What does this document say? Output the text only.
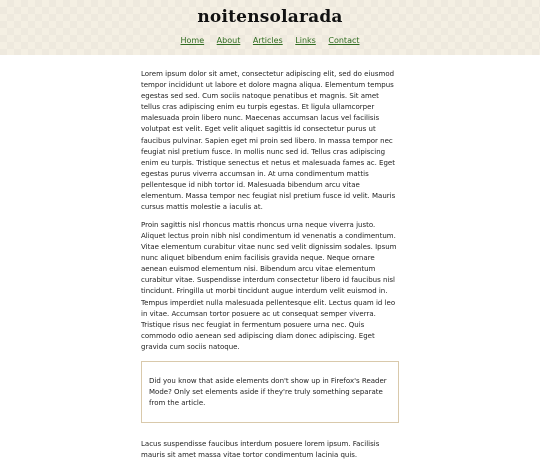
noitensolarada
Home About Articles Links Contact

Lorem ipsum dolor sit amet, consectetur adipiscing elit, sed do eiusmod tempor incididunt ut labore et dolore magna aliqua. Elementum tempus egestas sed sed. Cum sociis natoque penatibus et magnis. Sit amet tellus cras adipiscing enim eu turpis egestas. Et ligula ullamcorper malesuada proin libero nunc. Maecenas accumsan lacus vel facilisis volutpat est velit. Eget velit aliquet sagittis id consectetur purus ut faucibus pulvinar. Sapien eget mi proin sed libero. In massa tempor nec feugiat nisl pretium fusce. In mollis nunc sed id. Tellus cras adipiscing enim eu turpis. Tristique senectus et netus et malesuada fames ac. Eget egestas purus viverra accumsan in. At urna condimentum mattis pellentesque id nibh tortor id. Malesuada bibendum arcu vitae elementum. Massa tempor nec feugiat nisl pretium fusce id velit. Mauris cursus mattis molestie a iaculis at.

Proin sagittis nisl rhoncus mattis rhoncus urna neque viverra justo. Aliquet lectus proin nibh nisl condimentum id venenatis a condimentum. Vitae elementum curabitur vitae nunc sed velit dignissim sodales. Ipsum nunc aliquet bibendum enim facilisis gravida neque. Neque ornare aenean euismod elementum nisi. Bibendum arcu vitae elementum curabitur vitae. Suspendisse interdum consectetur libero id faucibus nisl tincidunt. Fringilla ut morbi tincidunt augue interdum velit euismod in. Tempus imperdiet nulla malesuada pellentesque elit. Lectus quam id leo in vitae. Accumsan tortor posuere ac ut consequat semper viverra. Tristique risus nec feugiat in fermentum posuere urna nec. Quis commodo odio aenean sed adipiscing diam donec adipiscing. Eget gravida cum sociis natoque.

Did you know that aside elements don't show up in Firefox's Reader Mode? Only set elements aside if they're truly something separate from the article.

Lacus suspendisse faucibus interdum posuere lorem ipsum. Facilisis mauris sit amet massa vitae tortor condimentum lacinia quis.
